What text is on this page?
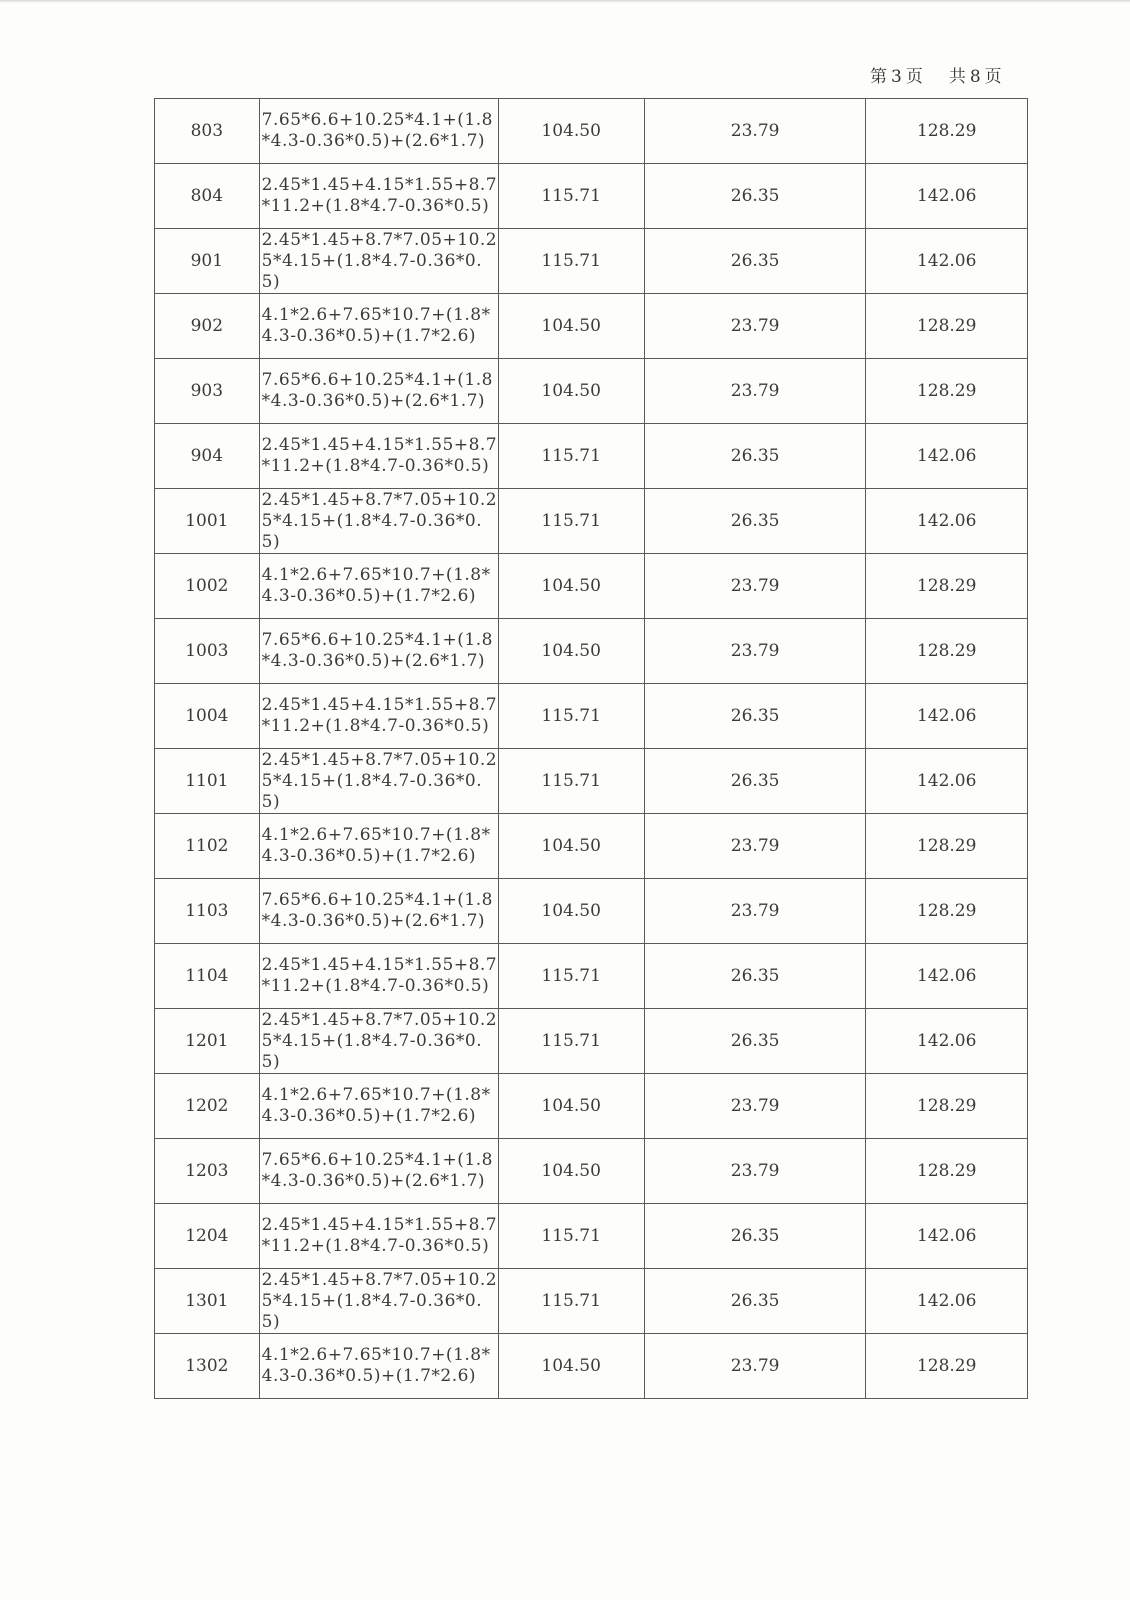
第 3 页 共 8 页
803	7.65*6.6+10.25*4.1+(1.8*4.3-0.36*0.5)+(2.6*1.7)	104.50	23.79	128.29
804	2.45*1.45+4.15*1.55+8.7*11.2+(1.8*4.7-0.36*0.5)	115.71	26.35	142.06
901	2.45*1.45+8.7*7.05+10.25*4.15+(1.8*4.7-0.36*0.5)	115.71	26.35	142.06
902	4.1*2.6+7.65*10.7+(1.8*4.3-0.36*0.5)+(1.7*2.6)	104.50	23.79	128.29
903	7.65*6.6+10.25*4.1+(1.8*4.3-0.36*0.5)+(2.6*1.7)	104.50	23.79	128.29
904	2.45*1.45+4.15*1.55+8.7*11.2+(1.8*4.7-0.36*0.5)	115.71	26.35	142.06
1001	2.45*1.45+8.7*7.05+10.25*4.15+(1.8*4.7-0.36*0.5)	115.71	26.35	142.06
1002	4.1*2.6+7.65*10.7+(1.8*4.3-0.36*0.5)+(1.7*2.6)	104.50	23.79	128.29
1003	7.65*6.6+10.25*4.1+(1.8*4.3-0.36*0.5)+(2.6*1.7)	104.50	23.79	128.29
1004	2.45*1.45+4.15*1.55+8.7*11.2+(1.8*4.7-0.36*0.5)	115.71	26.35	142.06
1101	2.45*1.45+8.7*7.05+10.25*4.15+(1.8*4.7-0.36*0.5)	115.71	26.35	142.06
1102	4.1*2.6+7.65*10.7+(1.8*4.3-0.36*0.5)+(1.7*2.6)	104.50	23.79	128.29
1103	7.65*6.6+10.25*4.1+(1.8*4.3-0.36*0.5)+(2.6*1.7)	104.50	23.79	128.29
1104	2.45*1.45+4.15*1.55+8.7*11.2+(1.8*4.7-0.36*0.5)	115.71	26.35	142.06
1201	2.45*1.45+8.7*7.05+10.25*4.15+(1.8*4.7-0.36*0.5)	115.71	26.35	142.06
1202	4.1*2.6+7.65*10.7+(1.8*4.3-0.36*0.5)+(1.7*2.6)	104.50	23.79	128.29
1203	7.65*6.6+10.25*4.1+(1.8*4.3-0.36*0.5)+(2.6*1.7)	104.50	23.79	128.29
1204	2.45*1.45+4.15*1.55+8.7*11.2+(1.8*4.7-0.36*0.5)	115.71	26.35	142.06
1301	2.45*1.45+8.7*7.05+10.25*4.15+(1.8*4.7-0.36*0.5)	115.71	26.35	142.06
1302	4.1*2.6+7.65*10.7+(1.8*4.3-0.36*0.5)+(1.7*2.6)	104.50	23.79	128.29
